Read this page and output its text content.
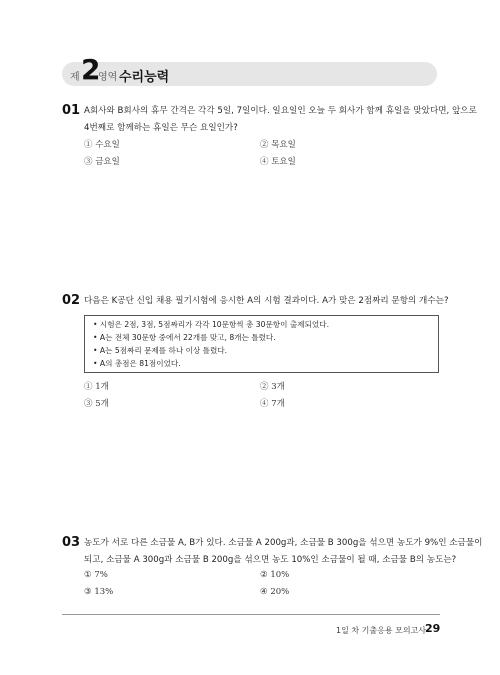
제 2
영역 수리능력
01 A회사와 B회사의 휴무 간격은 각각 5일, 7일이다. 일요일인 오늘 두 회사가 함께 휴일을 맞았다면, 앞으로
4번째로 함께하는 휴일은 무슨 요일인가?
① 수요일	② 목요일
③ 금요일	④ 토요일
02 다음은 K공단 신입 채용 필기시험에 응시한 A의 시험 결과이다. A가 맞은 2점짜리 문항의 개수는?
• 시험은 2점, 3점, 5점짜리가 각각 10문항씩 총 30문항이 출제되었다.
• A는 전체 30문항 중에서 22개를 맞고, 8개는 틀렸다.
• A는 5점짜리 문제를 하나 이상 틀렸다.
• A의 총점은 81점이었다.
① 1개	② 3개
③ 5개	④ 7개
03 농도가 서로 다른 소금물 A, B가 있다. 소금물 A 200g과, 소금물 B 300g을 섞으면 농도가 9%인 소금물이
되고, 소금물 A 300g과 소금물 B 200g을 섞으면 농도 10%인 소금물이 될 때, 소금물 B의 농도는?
① 7%	② 10%
③ 13%	④ 20%
1일 차 기출응용 모의고사 29
